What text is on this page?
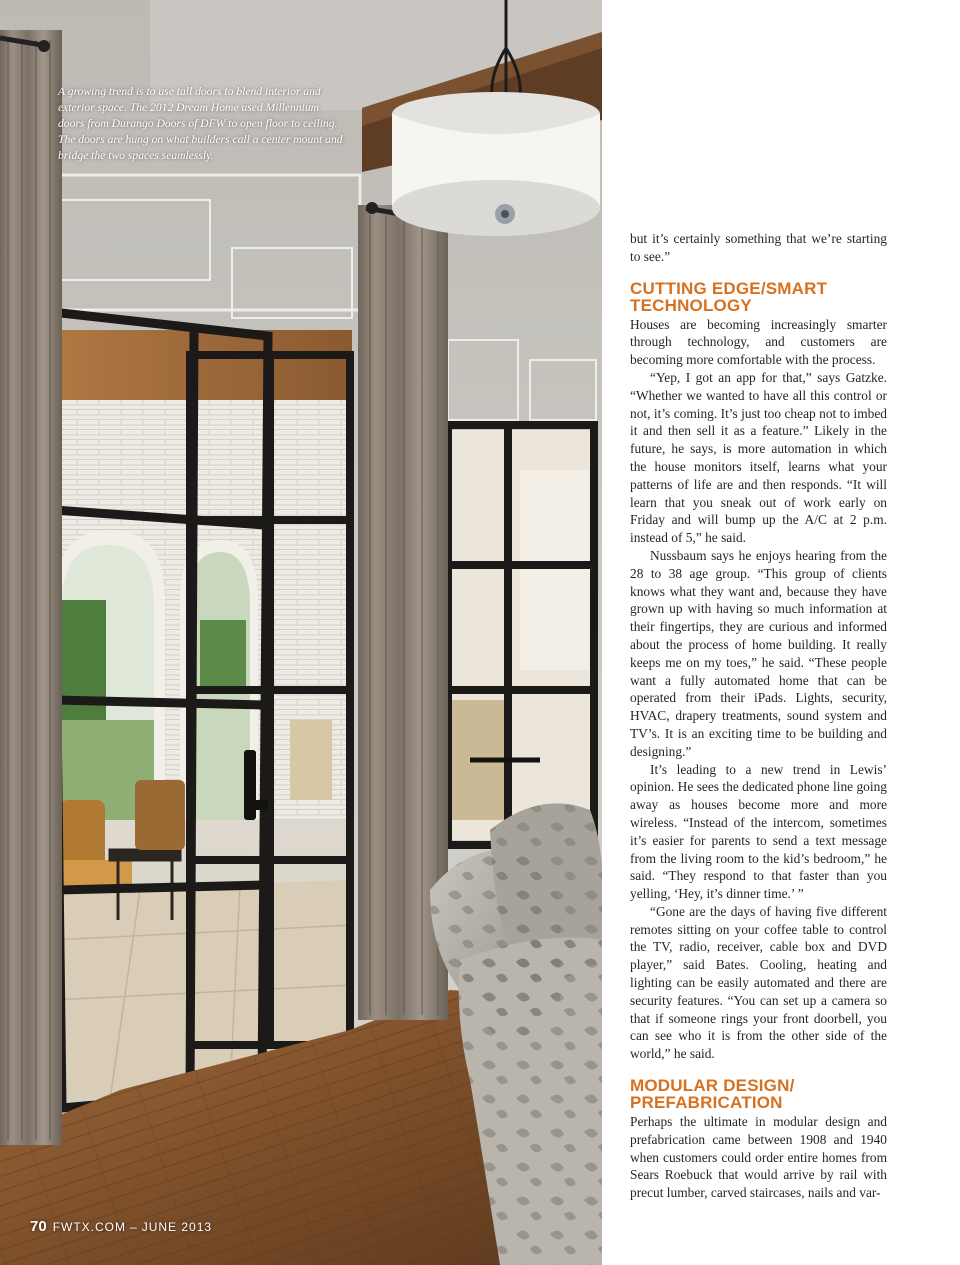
A growing trend is to use tall doors to blend interior and exterior space. The 2012 Dream Home used Millennium doors from Durango Doors of DFW to open floor to ceiling. The doors are hung on what builders call a center mount and bridge the two spaces seamlessly.
70 FWTX.COM – JUNE 2013

but it’s certainly something that we’re starting to see.”

CUTTING EDGE/SMART
TECHNOLOGY

Houses are becoming increasingly smarter through technology, and customers are becoming more comfortable with the process.

“Yep, I got an app for that,” says Gatzke. “Whether we wanted to have all this control or not, it’s coming. It’s just too cheap not to imbed it and then sell it as a feature.” Likely in the future, he says, is more automation in which the house monitors itself, learns what your patterns of life are and then responds. “It will learn that you sneak out of work early on Friday and will bump up the A/C at 2 p.m. instead of 5,” he said.

Nussbaum says he enjoys hearing from the 28 to 38 age group. “This group of clients knows what they want and, because they have grown up with having so much information at their fingertips, they are curious and informed about the process of home building. It really keeps me on my toes,” he said. “These people want a fully automated home that can be operated from their iPads. Lights, security, HVAC, drapery treatments, sound system and TV’s. It is an exciting time to be building and designing.”

It’s leading to a new trend in Lewis’ opinion. He sees the dedicated phone line going away as houses become more and more wireless. “Instead of the intercom, sometimes it’s easier for parents to send a text message from the living room to the kid’s bedroom,” he said. “They respond to that faster than you yelling, ‘Hey, it’s dinner time.’ ”

“Gone are the days of having five different remotes sitting on your coffee table to control the TV, radio, receiver, cable box and DVD player,” said Bates. Cooling, heating and lighting can be easily automated and there are security features. “You can set up a camera so that if someone rings your front doorbell, you can see who it is from the other side of the world,” he said.

MODULAR DESIGN/
PREFABRICATION

Perhaps the ultimate in modular design and prefabrication came between 1908 and 1940 when customers could order entire homes from Sears Roebuck that would arrive by rail with precut lumber, carved staircases, nails and var-
